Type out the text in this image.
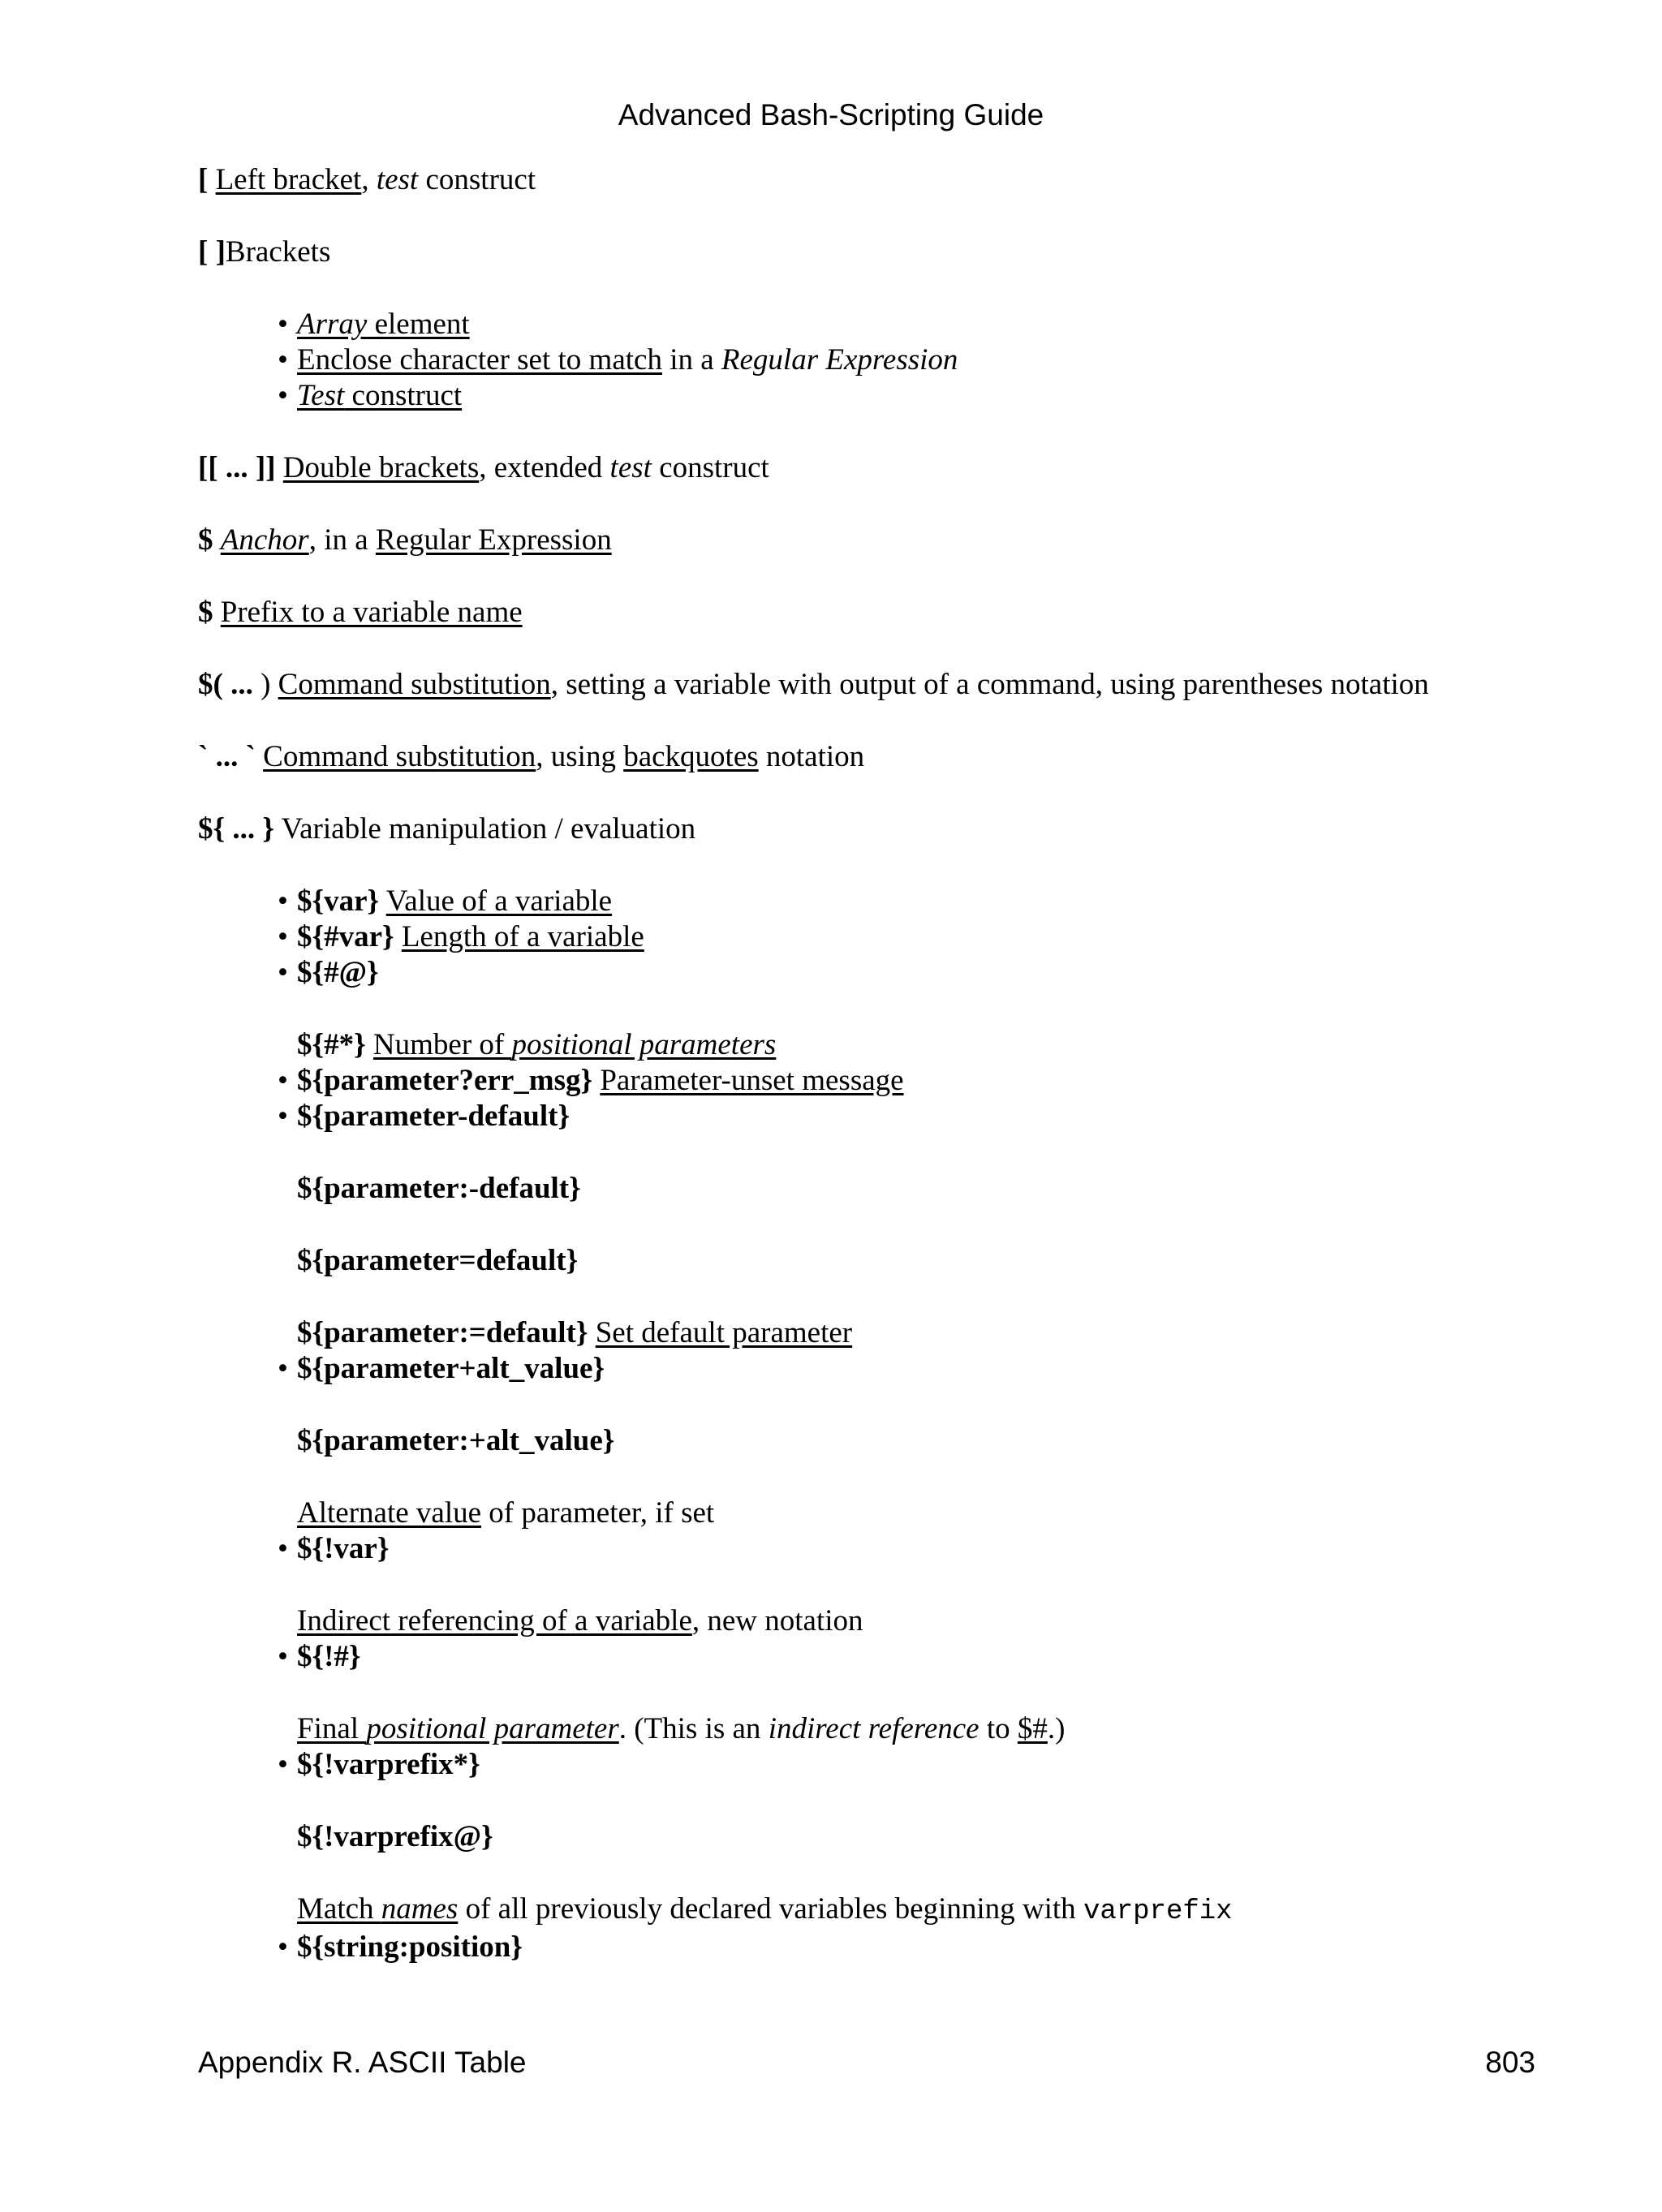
Advanced Bash-Scripting Guide

[ Left bracket, test construct

[ ]Brackets

• Array element
• Enclose character set to match in a Regular Expression
• Test construct

[[ ... ]] Double brackets, extended test construct

$ Anchor, in a Regular Expression

$ Prefix to a variable name

$( ... ) Command substitution, setting a variable with output of a command, using parentheses notation

` ... ` Command substitution, using backquotes notation

${ ... } Variable manipulation / evaluation

• ${var} Value of a variable
• ${#var} Length of a variable
• ${#@}
${#*} Number of positional parameters
• ${parameter?err_msg} Parameter-unset message
• ${parameter-default}
${parameter:-default}
${parameter=default}
${parameter:=default} Set default parameter
• ${parameter+alt_value}
${parameter:+alt_value}
Alternate value of parameter, if set
• ${!var}
Indirect referencing of a variable, new notation
• ${!#}
Final positional parameter. (This is an indirect reference to $#.)
• ${!varprefix*}
${!varprefix@}
Match names of all previously declared variables beginning with varprefix
• ${string:position}
Appendix R. ASCII Table	803
